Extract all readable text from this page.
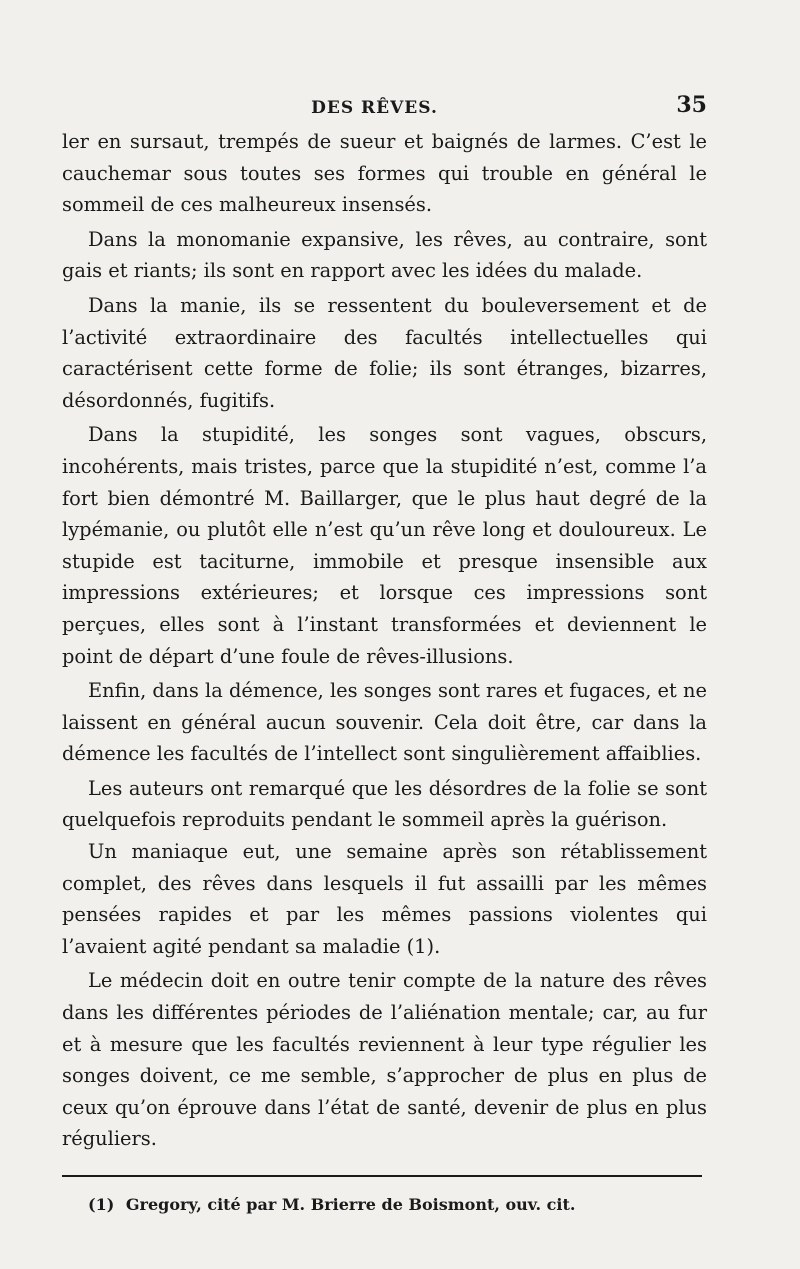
DES RÊVES.	35

ler en sursaut, trempés de sueur et baignés de larmes. C’est le cauchemar sous toutes ses formes qui trouble en général le sommeil de ces malheureux insensés.

Dans la monomanie expansive, les rêves, au contraire, sont gais et riants; ils sont en rapport avec les idées du malade.

Dans la manie, ils se ressentent du bouleversement et de l’activité extraordinaire des facultés intellectuelles qui caractérisent cette forme de folie; ils sont étranges, bizarres, désordonnés, fugitifs.

Dans la stupidité, les songes sont vagues, obscurs, incohérents, mais tristes, parce que la stupidité n’est, comme l’a fort bien démontré M. Baillarger, que le plus haut degré de la lypémanie, ou plutôt elle n’est qu’un rêve long et douloureux. Le stupide est taciturne, immobile et presque insensible aux impressions extérieures; et lorsque ces impressions sont perçues, elles sont à l’instant transformées et deviennent le point de départ d’une foule de rêves-illusions.

Enfin, dans la démence, les songes sont rares et fugaces, et ne laissent en général aucun souvenir. Cela doit être, car dans la démence les facultés de l’intellect sont singulièrement affaiblies.

Les auteurs ont remarqué que les désordres de la folie se sont quelquefois reproduits pendant le sommeil après la guérison.

Un maniaque eut, une semaine après son rétablissement complet, des rêves dans lesquels il fut assailli par les mêmes pensées rapides et par les mêmes passions violentes qui l’avaient agité pendant sa maladie (1).

Le médecin doit en outre tenir compte de la nature des rêves dans les différentes périodes de l’aliénation mentale; car, au fur et à mesure que les facultés reviennent à leur type régulier les songes doivent, ce me semble, s’approcher de plus en plus de ceux qu’on éprouve dans l’état de santé, devenir de plus en plus réguliers.

(1) Gregory, cité par M. Brierre de Boismont, ouv. cit.
